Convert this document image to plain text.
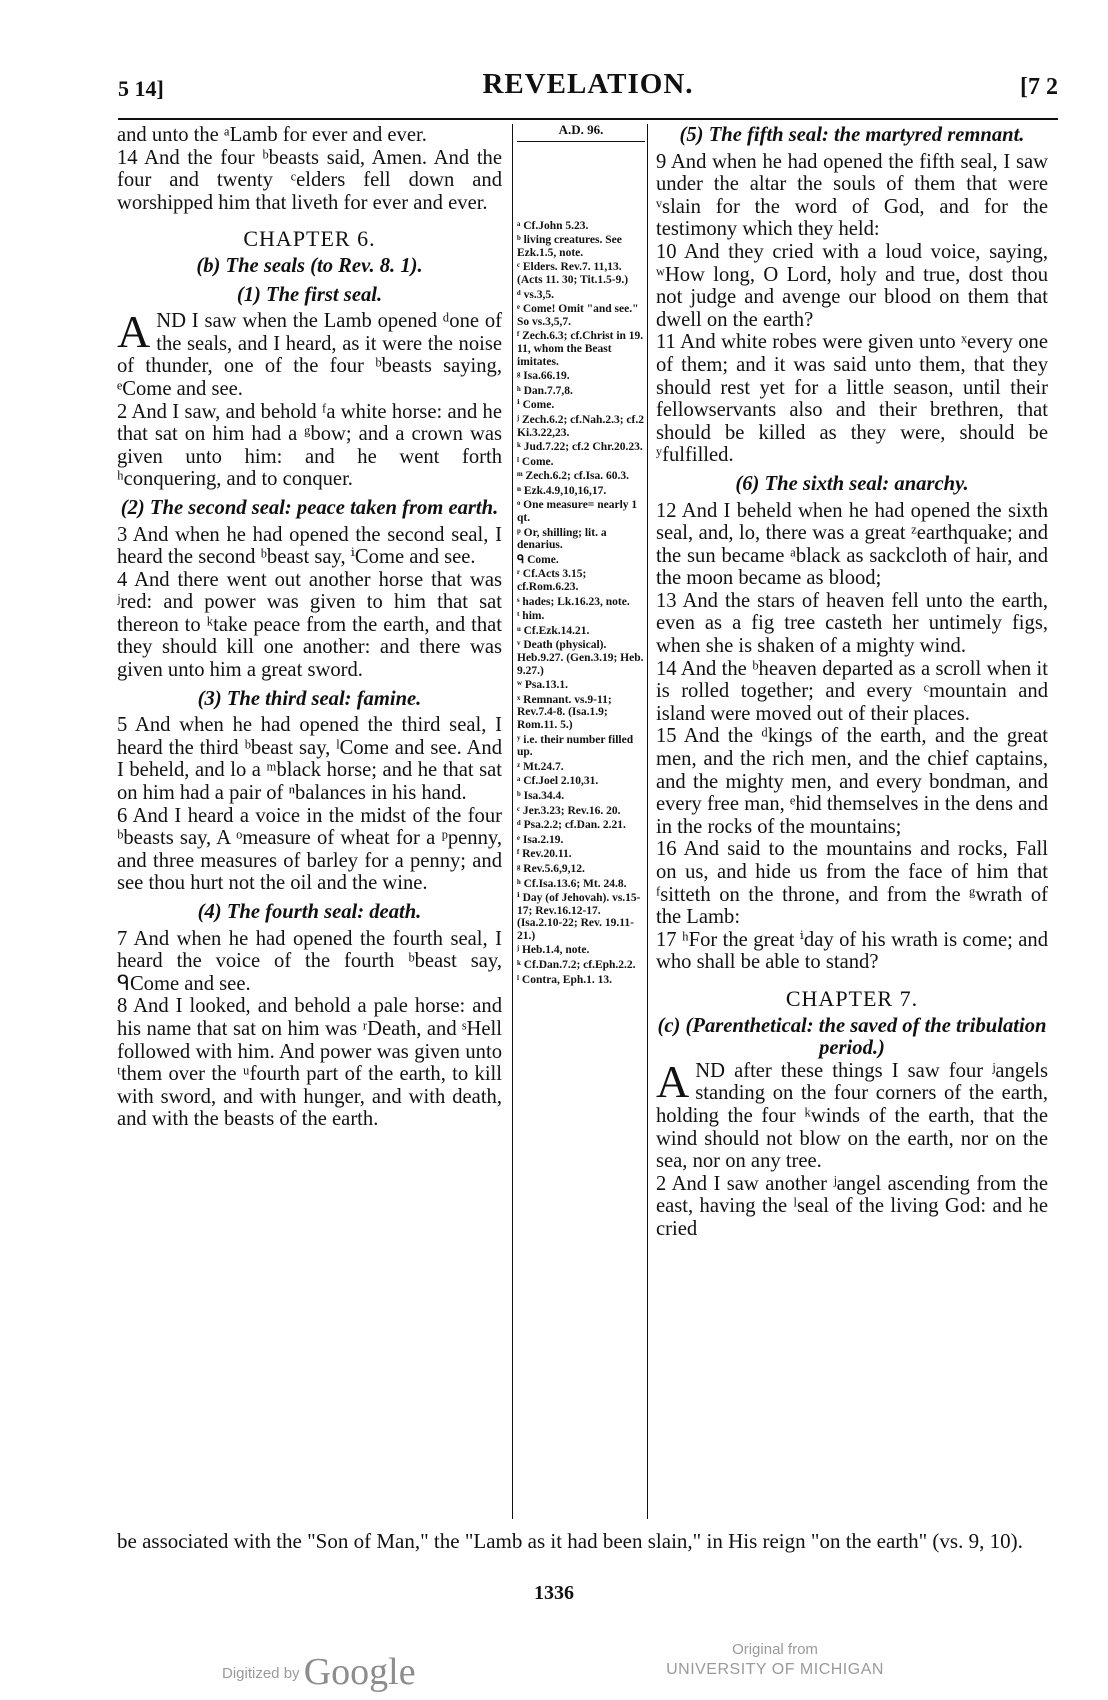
5 14]	REVELATION.	[7 2

and unto the ᵃLamb for ever and ever.

14 And the four ᵇbeasts said, Amen. And the four and twenty ᶜelders fell down and worshipped him that liveth for ever and ever.

CHAPTER 6.

(b) The seals (to Rev. 8. 1).

(1) The first seal.

AND I saw when the Lamb opened ᵈone of the seals, and I heard, as it were the noise of thunder, one of the four ᵇbeasts saying, ᵉCome and see.

2 And I saw, and behold ᶠa white horse: and he that sat on him had a ᵍbow; and a crown was given unto him: and he went forth ʰconquering, and to conquer.

(2) The second seal: peace taken from earth.

3 And when he had opened the second seal, I heard the second ᵇbeast say, ⁱCome and see.

4 And there went out another horse that was ʲred: and power was given to him that sat thereon to ᵏtake peace from the earth, and that they should kill one another: and there was given unto him a great sword.

(3) The third seal: famine.

5 And when he had opened the third seal, I heard the third ᵇbeast say, ˡCome and see. And I beheld, and lo a ᵐblack horse; and he that sat on him had a pair of ⁿbalances in his hand.

6 And I heard a voice in the midst of the four ᵇbeasts say, A ᵒmeasure of wheat for a ᵖpenny, and three measures of barley for a penny; and see thou hurt not the oil and the wine.

(4) The fourth seal: death.

7 And when he had opened the fourth seal, I heard the voice of the fourth ᵇbeast say, ᑫCome and see.

8 And I looked, and behold a pale horse: and his name that sat on him was ʳDeath, and ˢHell followed with him. And power was given unto ᵗthem over the ᵘfourth part of the earth, to kill with sword, and with hunger, and with death, and with the beasts of the earth.

A.D. 96.
ᵃ Cf.John 5.23.
ᵇ living creatures. See Ezk.1.5, note.
ᶜ Elders. Rev.7. 11,13. (Acts 11. 30; Tit.1.5-9.)
ᵈ vs.3,5.
ᵉ Come! Omit "and see." So vs.3,5,7.
ᶠ Zech.6.3; cf.Christ in 19. 11, whom the Beast imitates.
ᵍ Isa.66.19.
ʰ Dan.7.7,8.
ⁱ Come.
ʲ Zech.6.2; cf.Nah.2.3; cf.2 Ki.3.22,23.
ᵏ Jud.7.22; cf.2 Chr.20.23.
ˡ Come.
ᵐ Zech.6.2; cf.Isa. 60.3.
ⁿ Ezk.4.9,10,16,17.
ᵒ One measure= nearly 1 qt.
ᵖ Or, shilling; lit. a denarius.
ᑫ Come.
ʳ Cf.Acts 3.15; cf.Rom.6.23.
ˢ hades; Lk.16.23, note.
ᵗ him.
ᵘ Cf.Ezk.14.21.
ᵛ Death (physical). Heb.9.27. (Gen.3.19; Heb. 9.27.)
ʷ Psa.13.1.
ˣ Remnant. vs.9-11; Rev.7.4-8. (Isa.1.9; Rom.11. 5.)
ʸ i.e. their number filled up.
ᶻ Mt.24.7.
ᵃ Cf.Joel 2.10,31.
ᵇ Isa.34.4.
ᶜ Jer.3.23; Rev.16. 20.
ᵈ Psa.2.2; cf.Dan. 2.21.
ᵉ Isa.2.19.
ᶠ Rev.20.11.
ᵍ Rev.5.6,9,12.
ʰ Cf.Isa.13.6; Mt. 24.8.
ⁱ Day (of Jehovah). vs.15-17; Rev.16.12-17. (Isa.2.10-22; Rev. 19.11-21.)
ʲ Heb.1.4, note.
ᵏ Cf.Dan.7.2; cf.Eph.2.2.
ˡ Contra, Eph.1. 13.

(5) The fifth seal: the martyred remnant.

9 And when he had opened the fifth seal, I saw under the altar the souls of them that were ᵛslain for the word of God, and for the testimony which they held:

10 And they cried with a loud voice, saying, ʷHow long, O Lord, holy and true, dost thou not judge and avenge our blood on them that dwell on the earth?

11 And white robes were given unto ˣevery one of them; and it was said unto them, that they should rest yet for a little season, until their fellowservants also and their brethren, that should be killed as they were, should be ʸfulfilled.

(6) The sixth seal: anarchy.

12 And I beheld when he had opened the sixth seal, and, lo, there was a great ᶻearthquake; and the sun became ᵃblack as sackcloth of hair, and the moon became as blood;

13 And the stars of heaven fell unto the earth, even as a fig tree casteth her untimely figs, when she is shaken of a mighty wind.

14 And the ᵇheaven departed as a scroll when it is rolled together; and every ᶜmountain and island were moved out of their places.

15 And the ᵈkings of the earth, and the great men, and the rich men, and the chief captains, and the mighty men, and every bondman, and every free man, ᵉhid themselves in the dens and in the rocks of the mountains;

16 And said to the mountains and rocks, Fall on us, and hide us from the face of him that ᶠsitteth on the throne, and from the ᵍwrath of the Lamb:

17 ʰFor the great ⁱday of his wrath is come; and who shall be able to stand?

CHAPTER 7.

(c) (Parenthetical: the saved of the tribulation period.)

AND after these things I saw four ʲangels standing on the four corners of the earth, holding the four ᵏwinds of the earth, that the wind should not blow on the earth, nor on the sea, nor on any tree.

2 And I saw another ʲangel ascending from the east, having the ˡseal of the living God: and he cried

be associated with the "Son of Man," the "Lamb as it had been slain," in His reign "on the earth" (vs. 9, 10).
1336
Digitized by Google
Original from
UNIVERSITY OF MICHIGAN
